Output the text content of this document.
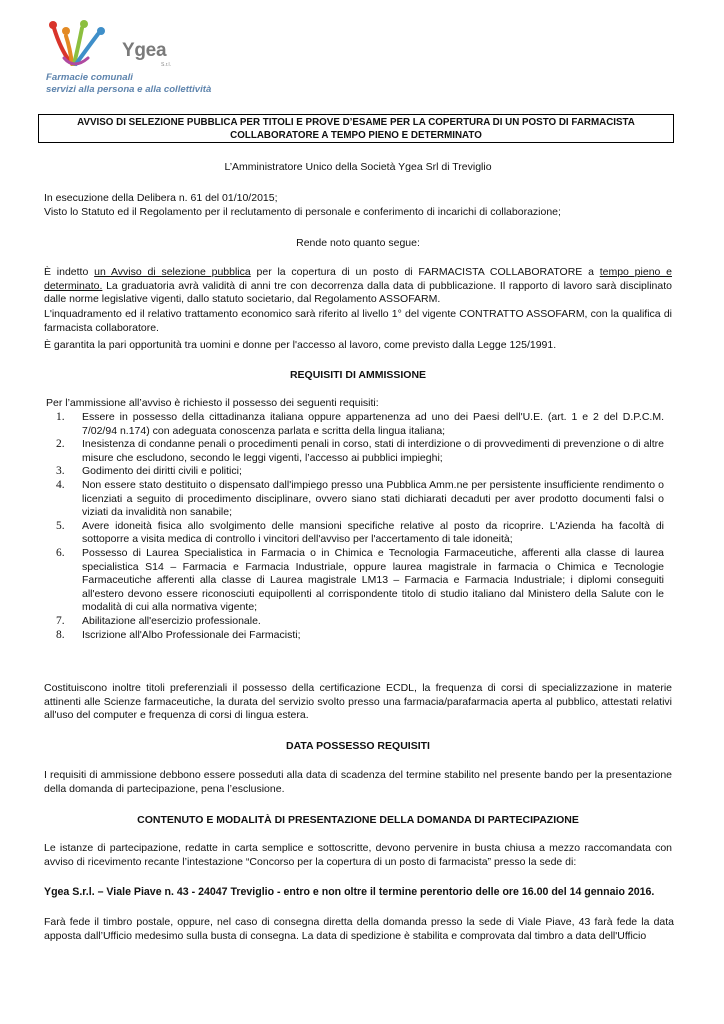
Ygea
S.r.l.
Farmacie comunali
servizi alla persona e alla collettività
AVVISO DI SELEZIONE PUBBLICA PER TITOLI E PROVE D’ESAME PER LA COPERTURA DI UN POSTO DI FARMACISTA
COLLABORATORE A TEMPO PIENO E DETERMINATO
L’Amministratore Unico della Società Ygea Srl di Treviglio
In esecuzione della Delibera n. 61 del 01/10/2015;
Visto lo Statuto ed il Regolamento per il reclutamento di personale e conferimento di incarichi di collaborazione;
Rende noto quanto segue:
È indetto un Avviso di selezione pubblica per la copertura di un posto di FARMACISTA COLLABORATORE a tempo pieno e determinato. La graduatoria avrà validità di anni tre con decorrenza dalla data di pubblicazione. Il rapporto di lavoro sarà disciplinato dalle norme legislative vigenti, dallo statuto societario, dal Regolamento ASSOFARM.
L'inquadramento ed il relativo trattamento economico sarà riferito al livello 1° del vigente CONTRATTO ASSOFARM, con la qualifica di farmacista collaboratore.
È garantita la pari opportunità tra uomini e donne per l'accesso al lavoro, come previsto dalla Legge 125/1991.
REQUISITI DI AMMISSIONE
Per l’ammissione all’avviso è richiesto il possesso dei seguenti requisiti:
1. Essere in possesso della cittadinanza italiana oppure appartenenza ad uno dei Paesi dell'U.E. (art. 1 e 2 del D.P.C.M. 7/02/94 n.174) con adeguata conoscenza parlata e scritta della lingua italiana;
2. Inesistenza di condanne penali o procedimenti penali in corso, stati di interdizione o di provvedimenti di prevenzione o di altre misure che escludono, secondo le leggi vigenti, l’accesso ai pubblici impieghi;
3. Godimento dei diritti civili e politici;
4. Non essere stato destituito o dispensato dall'impiego presso una Pubblica Amm.ne per persistente insufficiente rendimento o licenziati a seguito di procedimento disciplinare, ovvero siano stati dichiarati decaduti per aver prodotto documenti falsi o viziati da invalidità non sanabile;
5. Avere idoneità fisica allo svolgimento delle mansioni specifiche relative al posto da ricoprire. L'Azienda ha facoltà di sottoporre a visita medica di controllo i vincitori dell'avviso per l'accertamento di tale idoneità;
6. Possesso di Laurea Specialistica in Farmacia o in Chimica e Tecnologia Farmaceutiche, afferenti alla classe di laurea specialistica S14 – Farmacia e Farmacia Industriale, oppure laurea magistrale in farmacia o Chimica e Tecnologie Farmaceutiche afferenti alla classe di Laurea magistrale LM13 – Farmacia e Farmacia Industriale; i diplomi conseguiti all'estero devono essere riconosciuti equipollenti al corrispondente titolo di studio italiano dal Ministero della Salute con le modalità di cui alla normativa vigente;
7. Abilitazione all'esercizio professionale.
8. Iscrizione all'Albo Professionale dei Farmacisti;
Costituiscono inoltre titoli preferenziali il possesso della certificazione ECDL, la frequenza di corsi di specializzazione in materie attinenti alle Scienze farmaceutiche, la durata del servizio svolto presso una farmacia/parafarmacia aperta al pubblico, attestati relativi all'uso del computer e frequenza di corsi di lingua estera.
DATA POSSESSO REQUISITI
I requisiti di ammissione debbono essere posseduti alla data di scadenza del termine stabilito nel presente bando per la presentazione della domanda di partecipazione, pena l’esclusione.
CONTENUTO E MODALITÀ DI PRESENTAZIONE DELLA DOMANDA DI PARTECIPAZIONE
Le istanze di partecipazione, redatte in carta semplice e sottoscritte, devono pervenire in busta chiusa a mezzo raccomandata con avviso di ricevimento recante l’intestazione “Concorso per la copertura di un posto di farmacista” presso la sede di:
Ygea S.r.l. – Viale Piave n. 43 - 24047 Treviglio - entro e non oltre il termine perentorio delle ore 16.00 del 14 gennaio 2016.
Farà fede il timbro postale, oppure, nel caso di consegna diretta della domanda presso la sede di Viale Piave, 43 farà fede la data apposta dall’Ufficio medesimo sulla busta di consegna. La data di spedizione è stabilita e comprovata dal timbro a data dell'Ufficio
